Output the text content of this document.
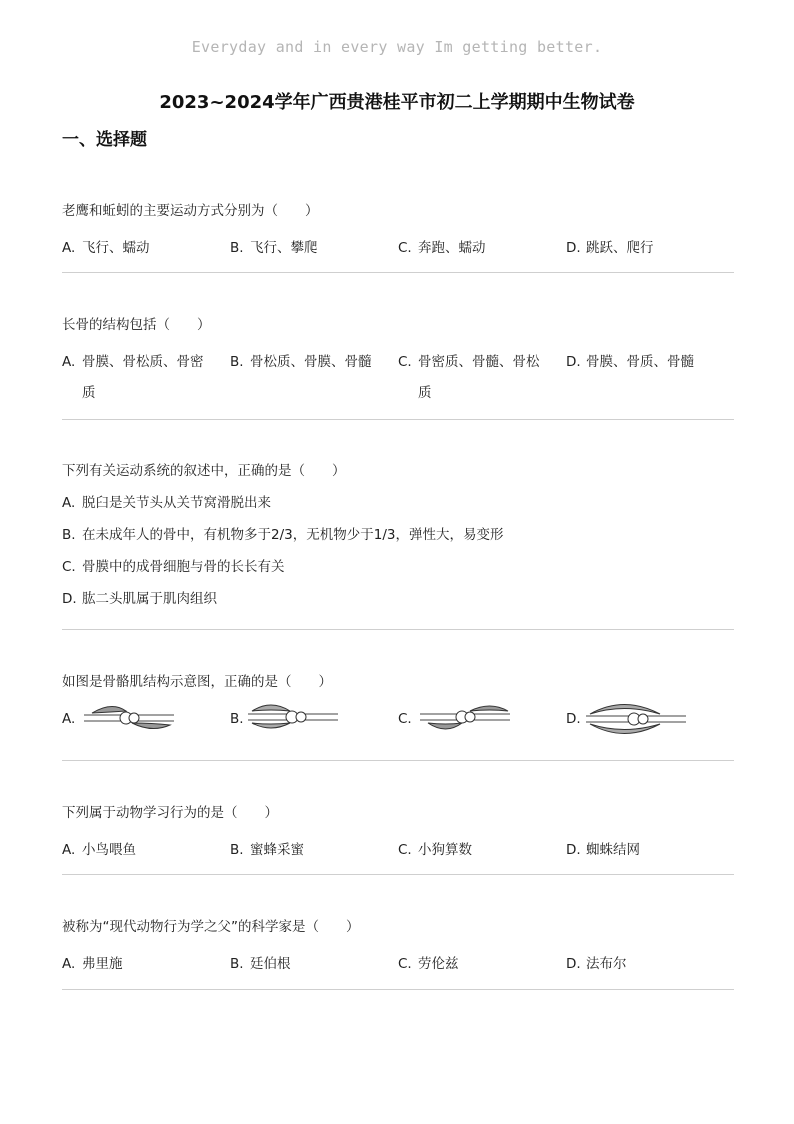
Everyday and in every way Im getting better.
2023~2024学年广西贵港桂平市初二上学期期中生物试卷
一、选择题
老鹰和蚯蚓的主要运动方式分别为（　　）
A. 飞行、蠕动	B. 飞行、攀爬	C. 奔跑、蠕动	D. 跳跃、爬行
长骨的结构包括（　　）
A. 骨膜、骨松质、骨密质
B. 骨松质、骨膜、骨髓	C. 骨密质、骨髓、骨松质
D. 骨膜、骨质、骨髓
下列有关运动系统的叙述中，正确的是（　　）
A. 脱臼是关节头从关节窝滑脱出来
B. 在未成年人的骨中，有机物多于2/3，无机物少于1/3，弹性大，易变形
C. 骨膜中的成骨细胞与骨的长长有关
D. 肱二头肌属于肌肉组织
如图是骨骼肌结构示意图，正确的是（　　）
A.	B.	C.	D.
下列属于动物学习行为的是（　　）
A. 小鸟喂鱼	B. 蜜蜂采蜜	C. 小狗算数	D. 蜘蛛结网
被称为“现代动物行为学之父”的科学家是（　　）
A. 弗里施	B. 廷伯根	C. 劳伦兹	D. 法布尔
